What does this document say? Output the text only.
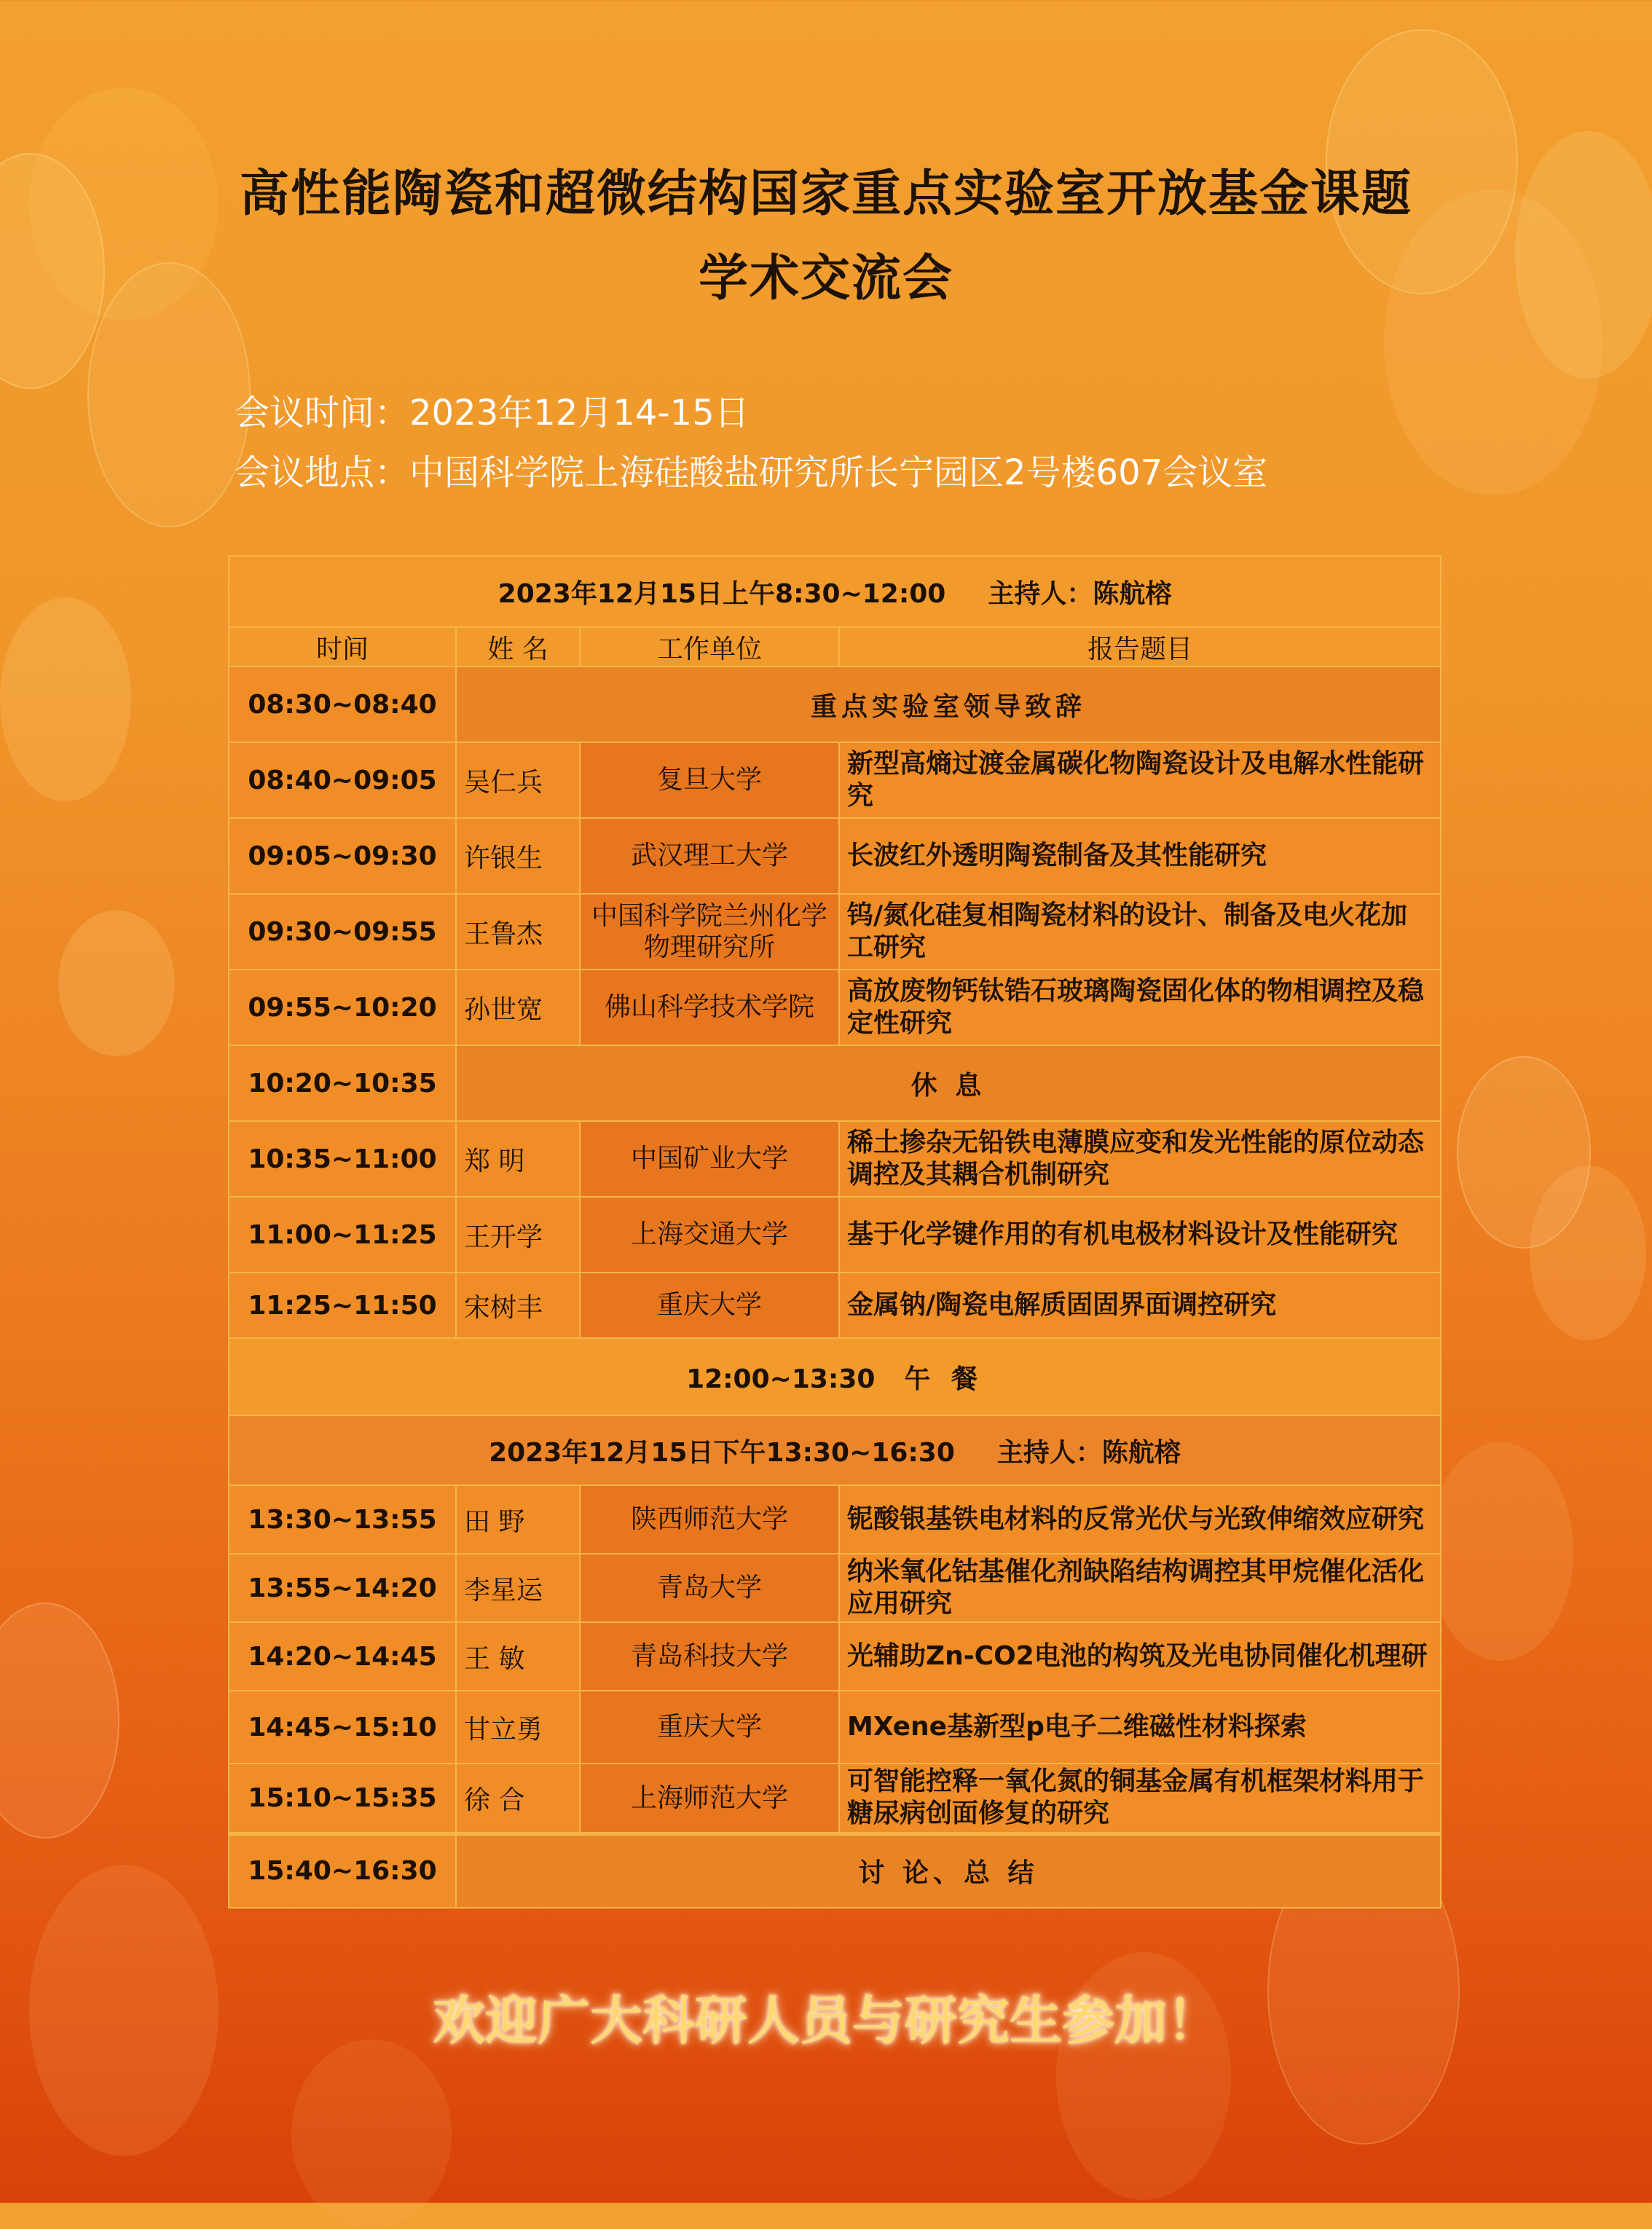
高性能陶瓷和超微结构国家重点实验室开放基金课题
学术交流会
会议时间：2023年12月14-15日
会议地点：中国科学院上海硅酸盐研究所长宁园区2号楼607会议室
2023年12月15日上午8:30~12:00 主持人：陈航榕			
时间	姓 名	工作单位	报告题目
08:30~08:40	重点实验室领导致辞		
08:40~09:05	吴仁兵	复旦大学	新型高熵过渡金属碳化物陶瓷设计及电解水性能研究
09:05~09:30	许银生	武汉理工大学	长波红外透明陶瓷制备及其性能研究
09:30~09:55	王鲁杰	中国科学院兰州化学物理研究所	钨/氮化硅复相陶瓷材料的设计、制备及电火花加工研究
09:55~10:20	孙世宽	佛山科学技术学院	高放废物钙钛锆石玻璃陶瓷固化体的物相调控及稳定性研究
10:20~10:35	休 息		
10:35~11:00	郑 明	中国矿业大学	稀土掺杂无铅铁电薄膜应变和发光性能的原位动态调控及其耦合机制研究
11:00~11:25	王开学	上海交通大学	基于化学键作用的有机电极材料设计及性能研究
11:25~11:50	宋树丰	重庆大学	金属钠/陶瓷电解质固固界面调控研究
12:00~13:30 午 餐			
2023年12月15日下午13:30~16:30 主持人：陈航榕			
13:30~13:55	田 野	陕西师范大学	铌酸银基铁电材料的反常光伏与光致伸缩效应研究
13:55~14:20	李星运	青岛大学	纳米氧化钴基催化剂缺陷结构调控其甲烷催化活化应用研究
14:20~14:45	王 敏	青岛科技大学	光辅助Zn-CO2电池的构筑及光电协同催化机理研
14:45~15:10	甘立勇	重庆大学	MXene基新型p电子二维磁性材料探索
15:10~15:35	徐 合	上海师范大学	可智能控释一氧化氮的铜基金属有机框架材料用于糖尿病创面修复的研究
15:40~16:30	讨 论、总 结		
欢迎广大科研人员与研究生参加！
